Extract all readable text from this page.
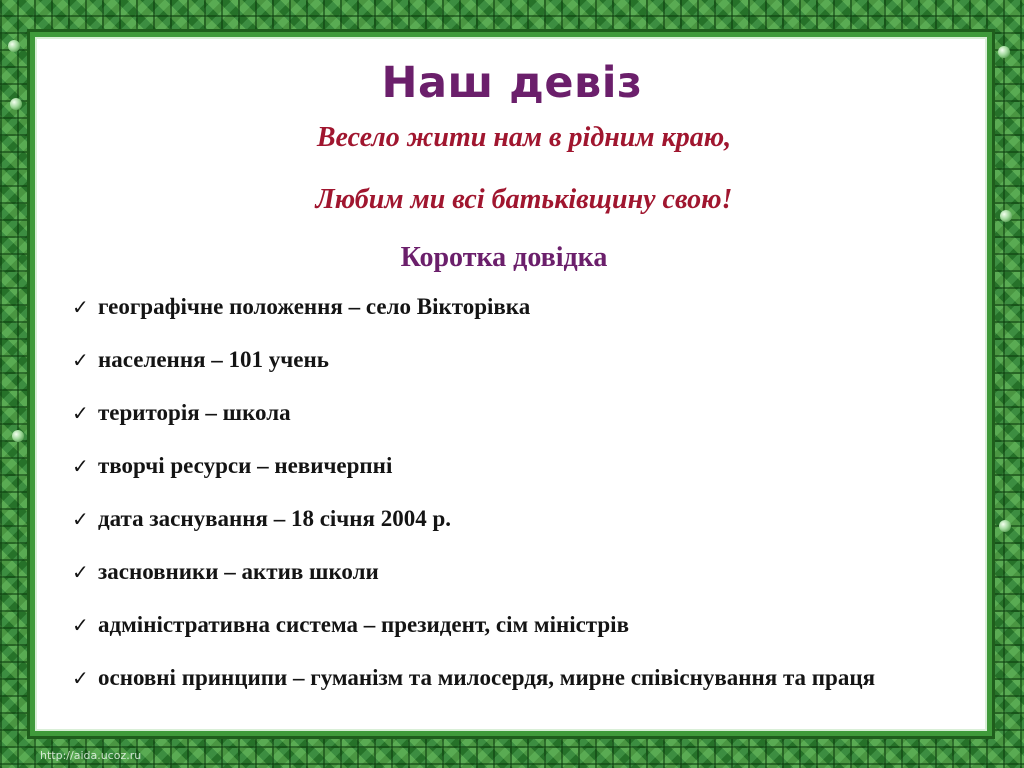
Наш девіз

Весело жити нам в рідним краю,

Любим ми всі батьківщину свою!

Коротка довідка
✓ географічне положення – село Вікторівка
✓ населення – 101 учень
✓ територія – школа
✓ творчі ресурси – невичерпні
✓ дата заснування – 18 січня 2004 р.
✓ засновники – актив школи
✓ адміністративна система – президент, сім міністрів
✓ основні принципи – гуманізм та милосердя, мирне співіснування та праця
http://aida.ucoz.ru
